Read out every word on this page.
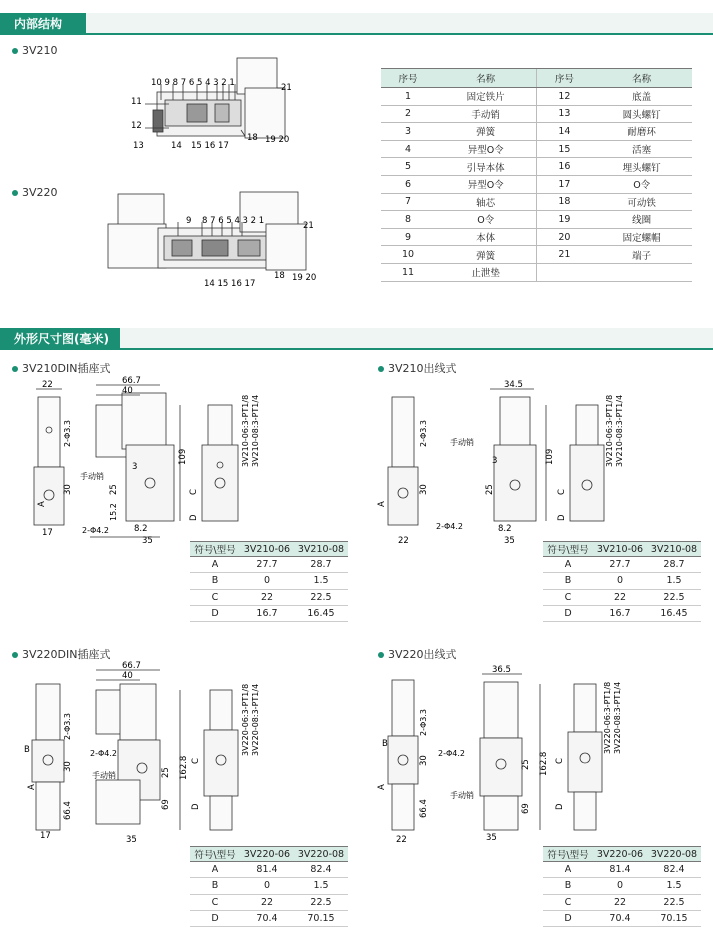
内部结构
3V210
10 9 8 7 6 5 4 3 2 1	21
11
12
13	14 15 16 17
18 19 20
3V220
9 8 7 6 5 4 3 2 1	21
14 15 16 17
18 19 20
序号	名称	序号	名称
1	固定铁片	12	底盖
2	手动销	13	圆头螺钉
3	弹簧	14	耐磨环
4	异型O令	15	活塞
5	引导本体	16	埋头螺钉
6	异型O令	17	O令
7	轴芯	18	可动铁
8	O令	19	线圈
9	本体	20	固定螺帽
10	弹簧	21	端子
11	止泄垫		
外形尺寸图(毫米)
3V210DIN插座式	3V210出线式
3V220DIN插座式	3V220出线式
22	66.7
40
109
2-Φ3.3
30
A
17
手动销
3
25
15.2
2-Φ4.2	8.2
35
3V210-06:3-PT1/8 3V210-08:3-PT1/4
C
D
34.5
109
2-Φ3.3
30
A
22
手动销
3
25
2-Φ4.2	8.2
35
3V210-06:3-PT1/8 3V210-08:3-PT1/4
C
D
66.7
40
162.8
25
69
2-Φ3.3
30
66.4
B
A
17
2-Φ4.2
手动销
35
3V220-06:3-PT1/8 3V220-08:3-PT1/4
C
D
36.5
162.8
25
69
2-Φ3.3
30
66.4
B
A
22
2-Φ4.2
手动销
35
3V220-06:3-PT1/8 3V220-08:3-PT1/4
C
D
符号\型号	3V210-06	3V210-08
A	27.7	28.7
B	0	1.5
C	22	22.5
D	16.7	16.45
符号\型号	3V210-06	3V210-08
A	27.7	28.7
B	0	1.5
C	22	22.5
D	16.7	16.45
符号\型号	3V220-06	3V220-08
A	81.4	82.4
B	0	1.5
C	22	22.5
D	70.4	70.15
符号\型号	3V220-06	3V220-08
A	81.4	82.4
B	0	1.5
C	22	22.5
D	70.4	70.15
